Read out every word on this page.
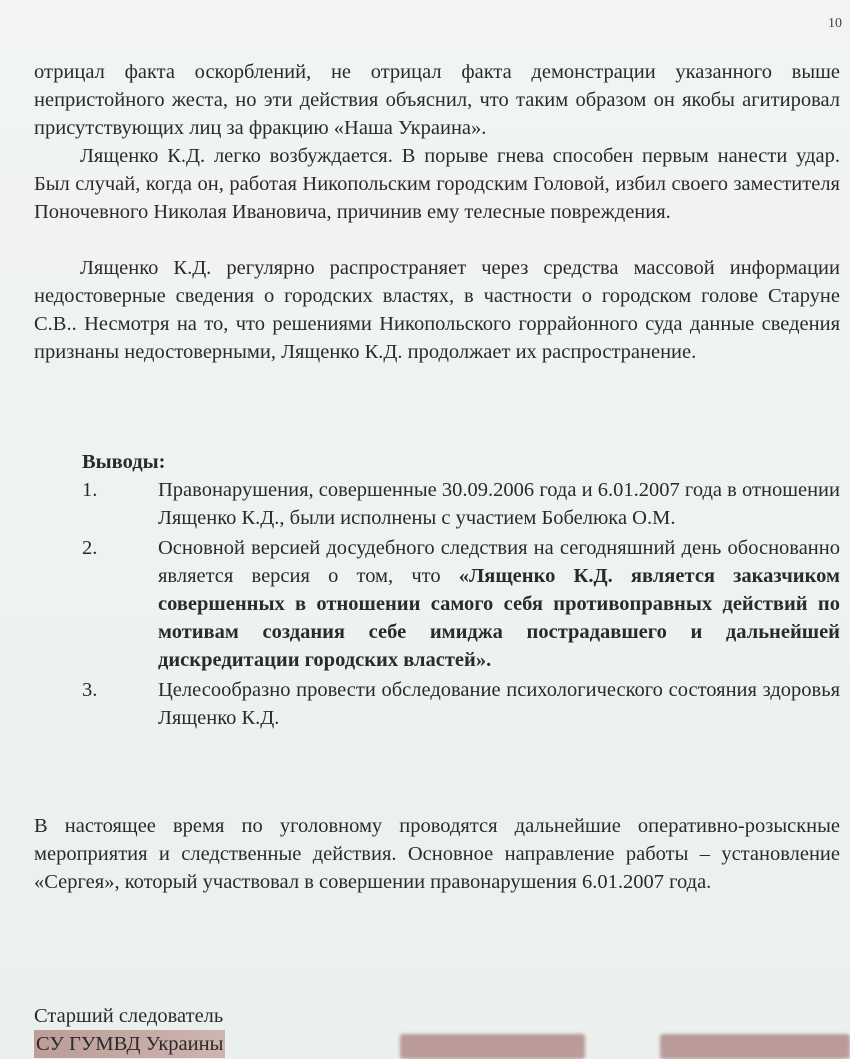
10

отрицал факта оскорблений, не отрицал факта демонстрации указанного выше непристойного жеста, но эти действия объяснил, что таким образом он якобы агитировал присутствующих лиц за фракцию «Наша Украина».

Лященко К.Д. легко возбуждается. В порыве гнева способен первым нанести удар. Был случай, когда он, работая Никопольским городским Головой, избил своего заместителя Поночевного Николая Ивановича, причинив ему телесные повреждения.

Лященко К.Д. регулярно распространяет через средства массовой информации недостоверные сведения о городских властях, в частности о городском голове Старуне С.В.. Несмотря на то, что решениями Никопольского горрайонного суда данные сведения признаны недостоверными, Лященко К.Д. продолжает их распространение.

Выводы:
1.	Правонарушения, совершенные 30.09.2006 года и 6.01.2007 года в отношении Лященко К.Д., были исполнены с участием Бобелюка О.М.
2.	Основной версией досудебного следствия на сегодняшний день обоснованно является версия о том, что «Лященко К.Д. является заказчиком совершенных в отношении самого себя противоправных действий по мотивам создания себе имиджа пострадавшего и дальнейшей дискредитации городских властей».
3.	Целесообразно провести обследование психологического состояния здоровья Лященко К.Д.

В настоящее время по уголовному проводятся дальнейшие оперативно-розыскные мероприятия и следственные действия. Основное направление работы – установление «Сергея», который участвовал в совершении правонарушения 6.01.2007 года.

Старший следователь
СУ ГУМВД Украины
